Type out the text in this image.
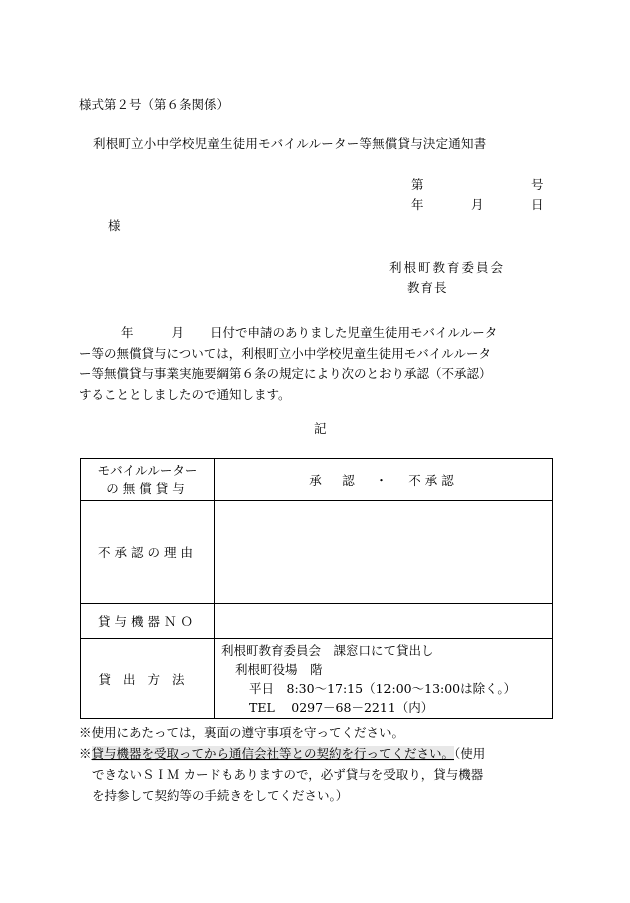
様式第２号（第６条関係）
利根町立小中学校児童生徒用モバイルルーター等無償貸与決定通知書
第	号
年	月	日
様
利根町教育委員会
教育長
年	月 日付で申請のありました児童生徒用モバイルルータ
ー等の無償貸与については，利根町立小中学校児童生徒用モバイルルータ
ー等無償貸与事業実施要綱第６条の規定により次のとおり承認（不承認）
することとしましたので通知します。
記
モバイルルーター
の無償貸与	承　認　・　不承認
不承認の理由	
貸与機器ＮＯ	
貸出方法	利根町教育委員会　課窓口にて貸出し
利根町役場　階
平日　8:30～17:15（12:00～13:00は除く。）
TEL　 0297－68－2211（内）
※使用にあたっては，裏面の遵守事項を守ってください。
※貸与機器を受取ってから通信会社等との契約を行ってください。（使用
できないＳＩＭ カードもありますので，必ず貸与を受取り，貸与機器
を持参して契約等の手続きをしてください。）
